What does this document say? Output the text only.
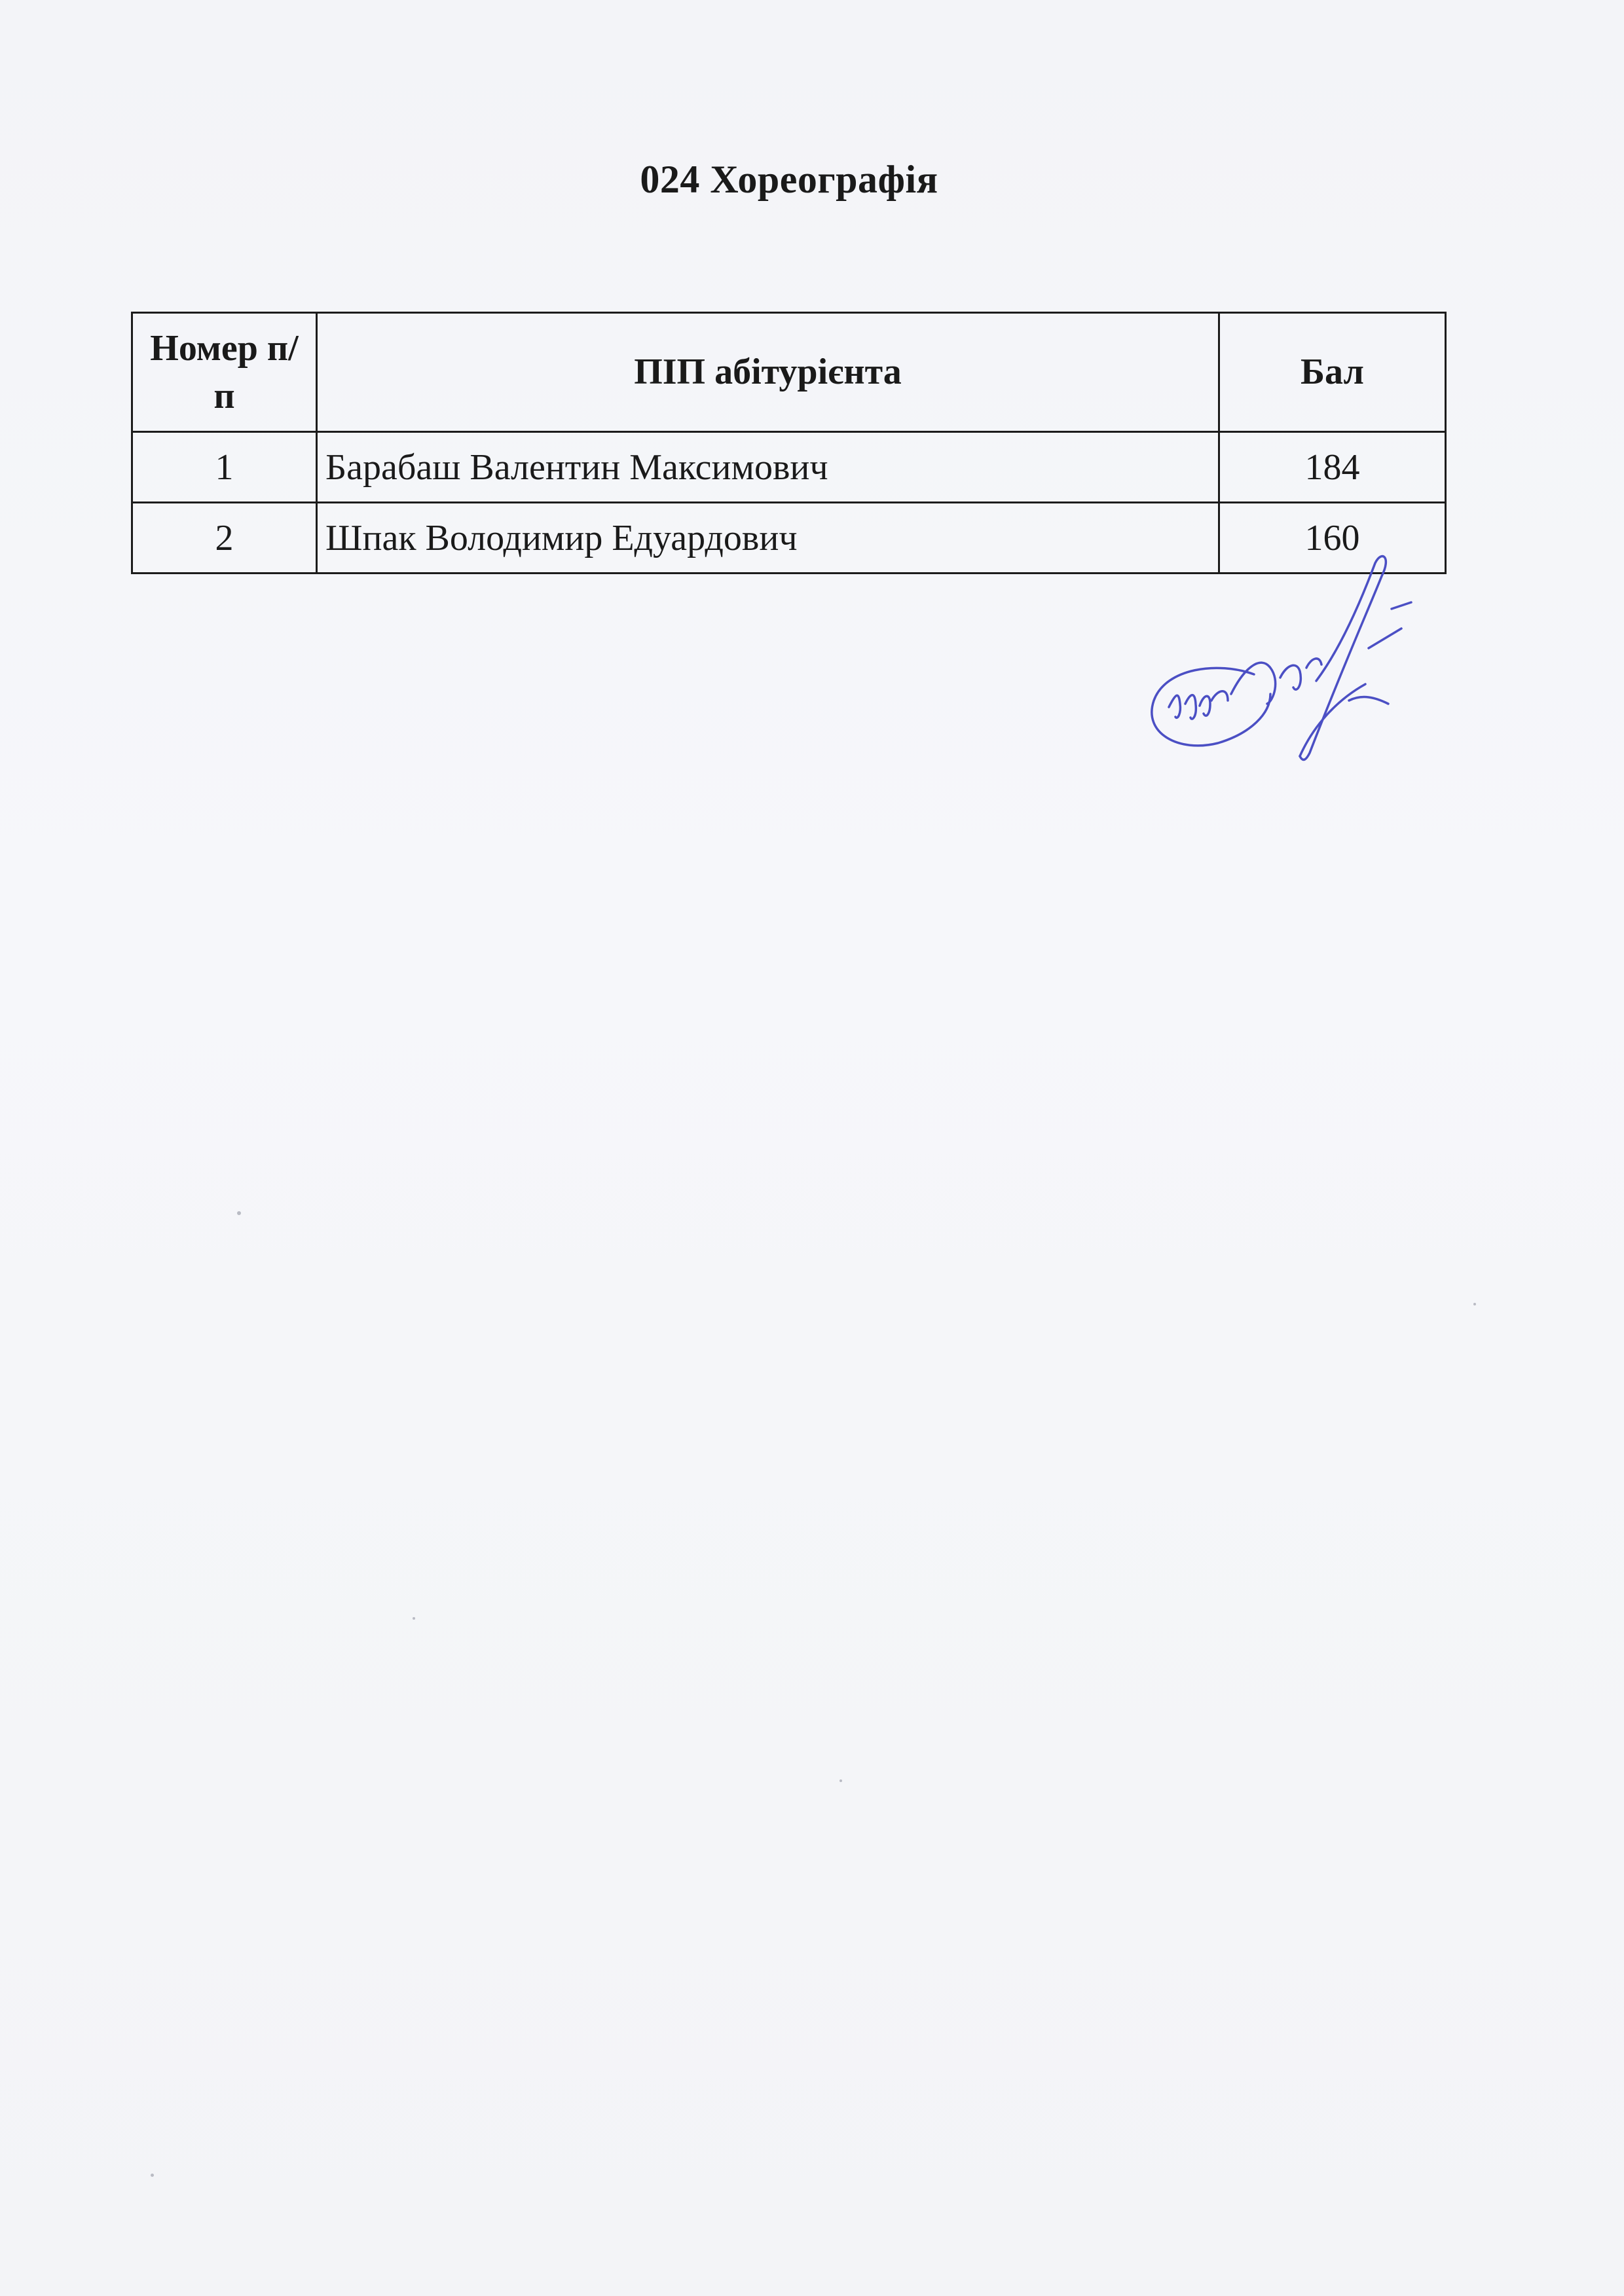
024 Хореографія
Номер п/п	ПІП абітурієнта	Бал
1	Барабаш Валентин Максимович	184
2	Шпак Володимир Едуардович	160
